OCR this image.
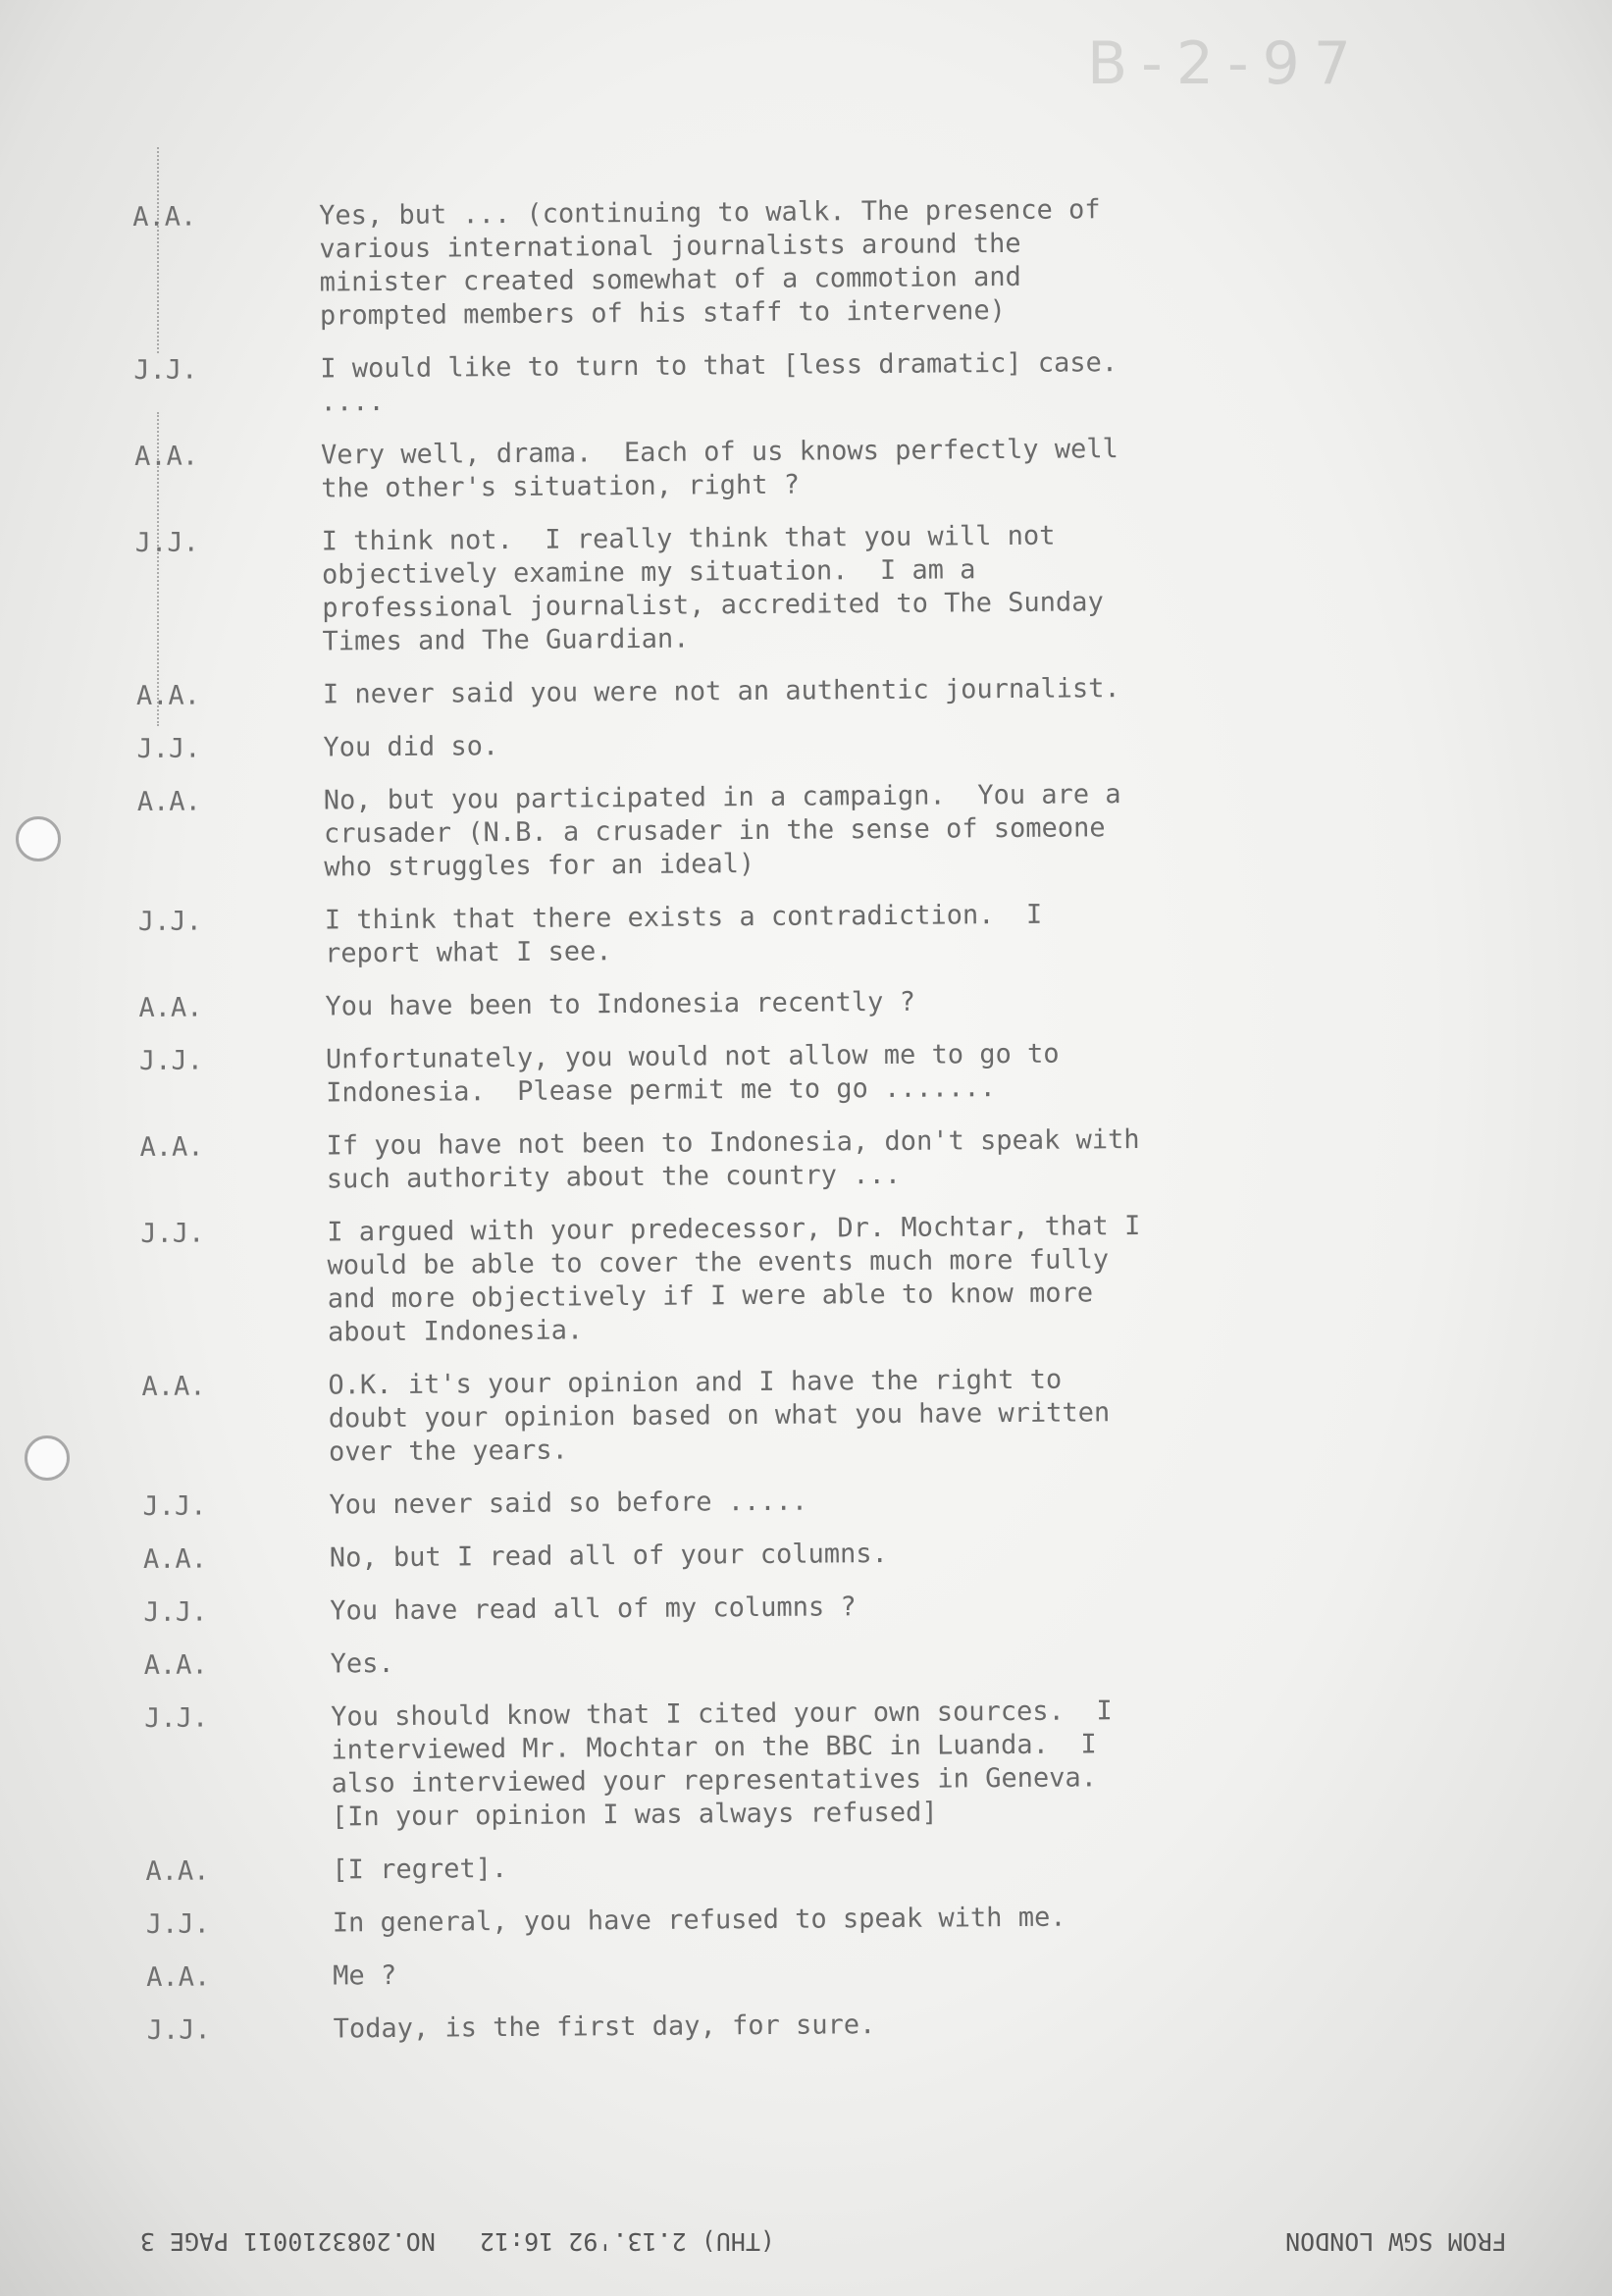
B-2-97
A.A.	Yes, but ... (continuing to walk. The presence of
various international journalists around the
minister created somewhat of a commotion and
prompted members of his staff to intervene)
J.J.	I would like to turn to that [less dramatic] case.
....
A.A.	Very well, drama.  Each of us knows perfectly well
the other's situation, right ?
J.J.	I think not.  I really think that you will not
objectively examine my situation.  I am a
professional journalist, accredited to The Sunday
Times and The Guardian.
A.A.	I never said you were not an authentic journalist.
J.J.	You did so.
A.A.	No, but you participated in a campaign.  You are a
crusader (N.B. a crusader in the sense of someone
who struggles for an ideal)
J.J.	I think that there exists a contradiction.  I
report what I see.
A.A.	You have been to Indonesia recently ?
J.J.	Unfortunately, you would not allow me to go to
Indonesia.  Please permit me to go .......
A.A.	If you have not been to Indonesia, don't speak with
such authority about the country ...
J.J.	I argued with your predecessor, Dr. Mochtar, that I
would be able to cover the events much more fully
and more objectively if I were able to know more
about Indonesia.
A.A.	O.K. it's your opinion and I have the right to
doubt your opinion based on what you have written
over the years.
J.J.	You never said so before .....
A.A.	No, but I read all of your columns.
J.J.	You have read all of my columns ?
A.A.	Yes.
J.J.	You should know that I cited your own sources.  I
interviewed Mr. Mochtar on the BBC in Luanda.  I
also interviewed your representatives in Geneva.
[In your opinion I was always refused]
A.A.	[I regret].
J.J.	In general, you have refused to speak with me.
A.A.	Me ?
J.J.	Today, is the first day, for sure.
(THU) 2.13.'92 16:12   NO.2083210011 PAGE 3	FROM SGW LONDON
